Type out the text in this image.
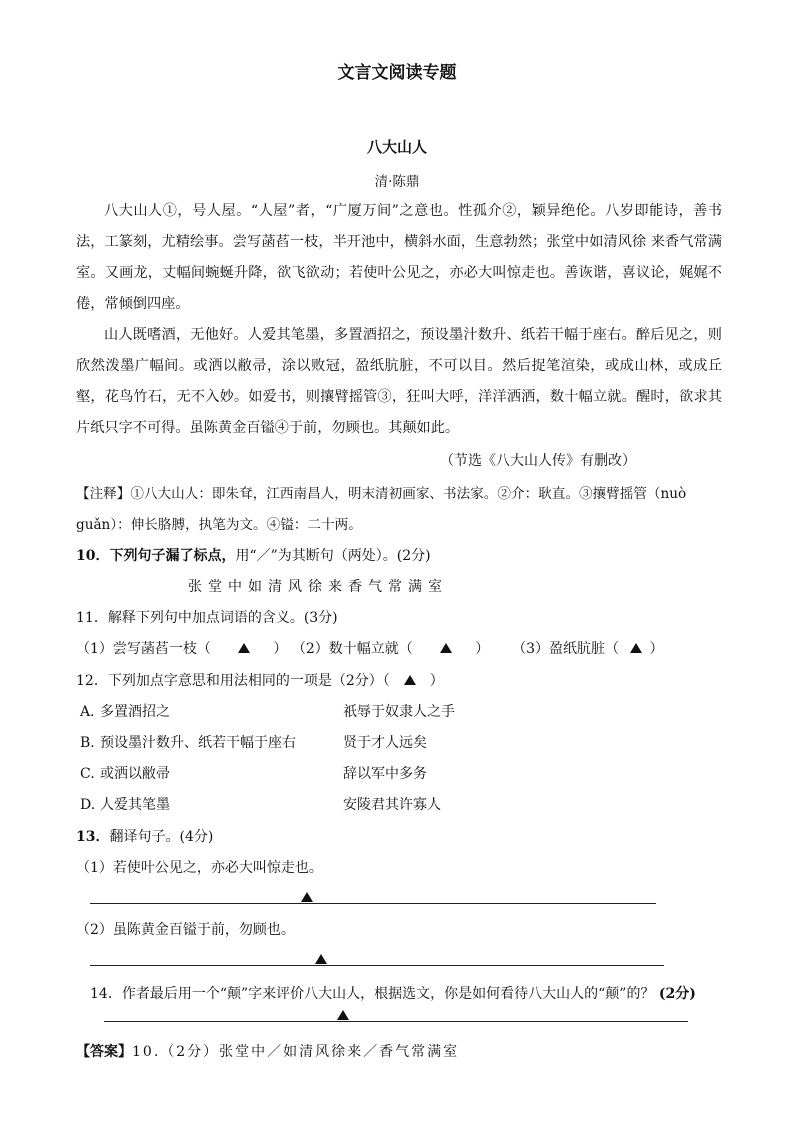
文言文阅读专题
八大山人
清·陈鼎
八大山人①，号人屋。“人屋”者，“广厦万间”之意也。性孤介②，颖异绝伦。八岁即能诗，善书法，工篆刻，尤精绘事。尝写菡萏一枝，半开池中，横斜水面，生意勃然；张堂中如清风徐 来香气常满室。又画龙，丈幅间蜿蜒升降，欲飞欲动；若使叶公见之，亦必大叫惊走也。善诙谐，喜议论，娓娓不倦，常倾倒四座。
山人既嗜酒，无他好。人爱其笔墨，多置酒招之，预设墨汁数升、纸若干幅于座右。醉后见之，则欣然泼墨广幅间。或洒以敝帚，涂以败冠，盈纸肮脏，不可以目。然后捉笔渲染，或成山林，或成丘壑，花鸟竹石，无不入妙。如爱书，则攘臂摇管③，狂叫大呼，洋洋洒洒，数十幅立就。醒时，欲求其片纸只字不可得。虽陈黄金百镒④于前，勿顾也。其颠如此。
（节选《八大山人传》有删改）
【注释】①八大山人：即朱耷，江西南昌人，明末清初画家、书法家。②介：耿直。③攘臂摇管（nuò
guǎn）：伸长胳膊，执笔为文。④镒：二十两。
10．下列句子漏了标点，用“／”为其断句（两处）。(2分)
张堂中如清风徐来香气常满室
11．解释下列句中加点词语的含义。(3分)
（1）尝写菡萏一枝（	） （2）数十幅立就（	） （3）盈纸肮脏（ ）
12．下列加点字意思和用法相同的一项是（2分）（	）
A．多置酒招之	祇辱于奴隶人之手
B. 预设墨汁数升、纸若干幅于座右	贤于才人远矣
C. 或洒以敝帚	辞以军中多务
D. 人爱其笔墨	安陵君其许寡人
13．翻译句子。(4分)
（1）若使叶公见之，亦必大叫惊走也。
（2）虽陈黄金百镒于前，勿顾也。
14．作者最后用一个“颠”字来评价八大山人，根据选文，你是如何看待八大山人的“颠”的？ (2分)
【答案】10.（2分）张堂中／如清风徐来／香气常满室
